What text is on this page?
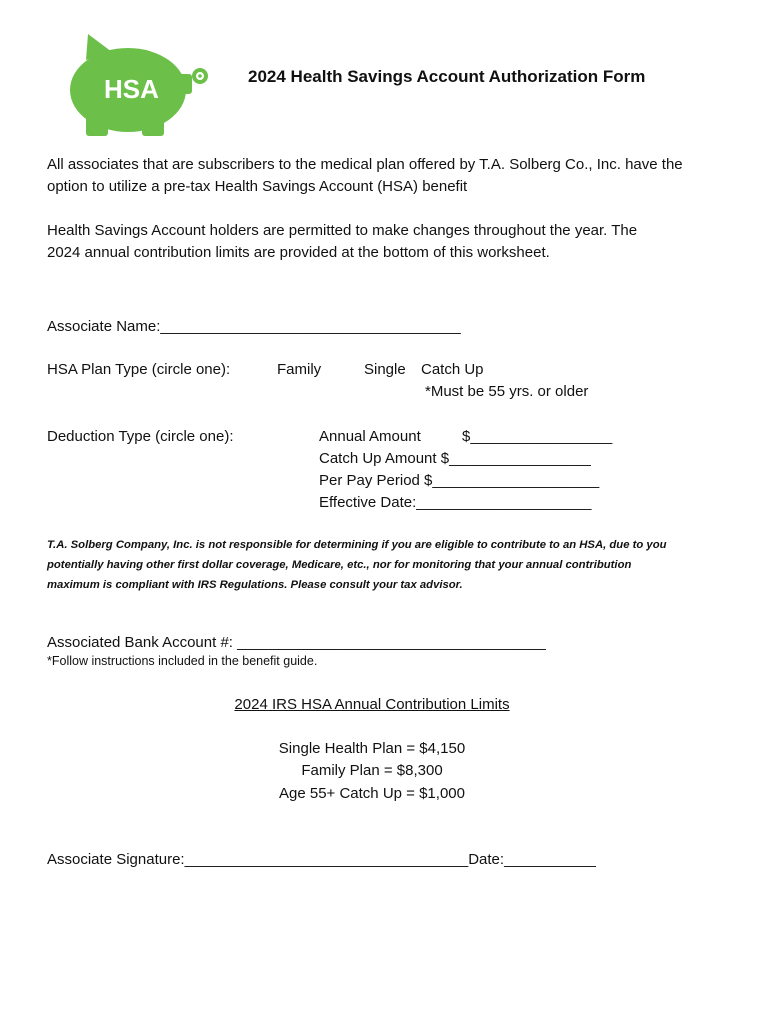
HSA	2024 Health Savings Account Authorization Form
All associates that are subscribers to the medical plan offered by T.A. Solberg Co., Inc. have the
option to utilize a pre-tax Health Savings Account (HSA) benefit
Health Savings Account holders are permitted to make changes throughout the year. The
2024 annual contribution limits are provided at the bottom of this worksheet.
Associate Name:____________________________________
HSA Plan Type (circle one):	Family	Single Catch Up
*Must be 55 yrs. or older
Deduction Type (circle one):	Annual Amount	$_________________
Catch Up Amount $_________________
Per Pay Period $____________________
Effective Date:_____________________
T.A. Solberg Company, Inc. is not responsible for determining if you are eligible to contribute to an HSA, due to you
potentially having other first dollar coverage, Medicare, etc., nor for monitoring that your annual contribution
maximum is compliant with IRS Regulations. Please consult your tax advisor.
Associated Bank Account #: _____________________________________
*Follow instructions included in the benefit guide.
2024 IRS HSA Annual Contribution Limits
Single Health Plan = $4,150
Family Plan = $8,300
Age 55+ Catch Up = $1,000
Associate Signature:__________________________________Date:___________
